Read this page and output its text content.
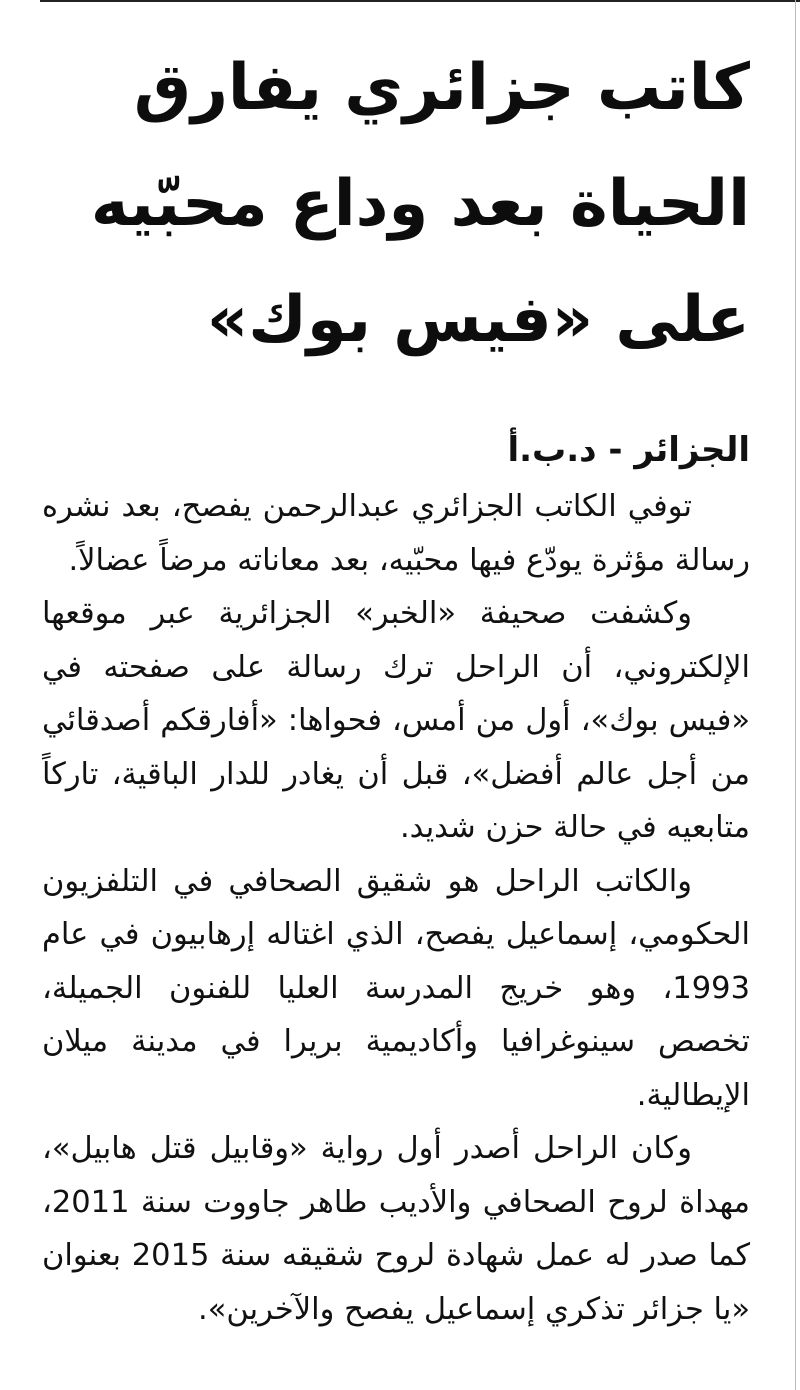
كاتب جزائري يفارق الحياة بعد وداع محبّيه على «فيس بوك»
الجزائر - د.ب.أ

توفي الكاتب الجزائري عبدالرحمن يفصح، بعد نشره رسالة مؤثرة يودّع فيها محبّيه، بعد معاناته مرضاً عضالاً.

وكشفت صحيفة «الخبر» الجزائرية عبر موقعها الإلكتروني، أن الراحل ترك رسالة على صفحته في «فيس بوك»، أول من أمس، فحواها: «أفارقكم أصدقائي من أجل عالم أفضل»، قبل أن يغادر للدار الباقية، تاركاً متابعيه في حالة حزن شديد.

والكاتب الراحل هو شقيق الصحافي في التلفزيون الحكومي، إسماعيل يفصح، الذي اغتاله إرهابيون في عام 1993، وهو خريج المدرسة العليا للفنون الجميلة، تخصص سينوغرافيا وأكاديمية بريرا في مدينة ميلان الإيطالية.

وكان الراحل أصدر أول رواية «وقابيل قتل هابيل»، مهداة لروح الصحافي والأديب طاهر جاووت سنة 2011، كما صدر له عمل شهادة لروح شقيقه سنة 2015 بعنوان «يا جزائر تذكري إسماعيل يفصح والآخرين».
